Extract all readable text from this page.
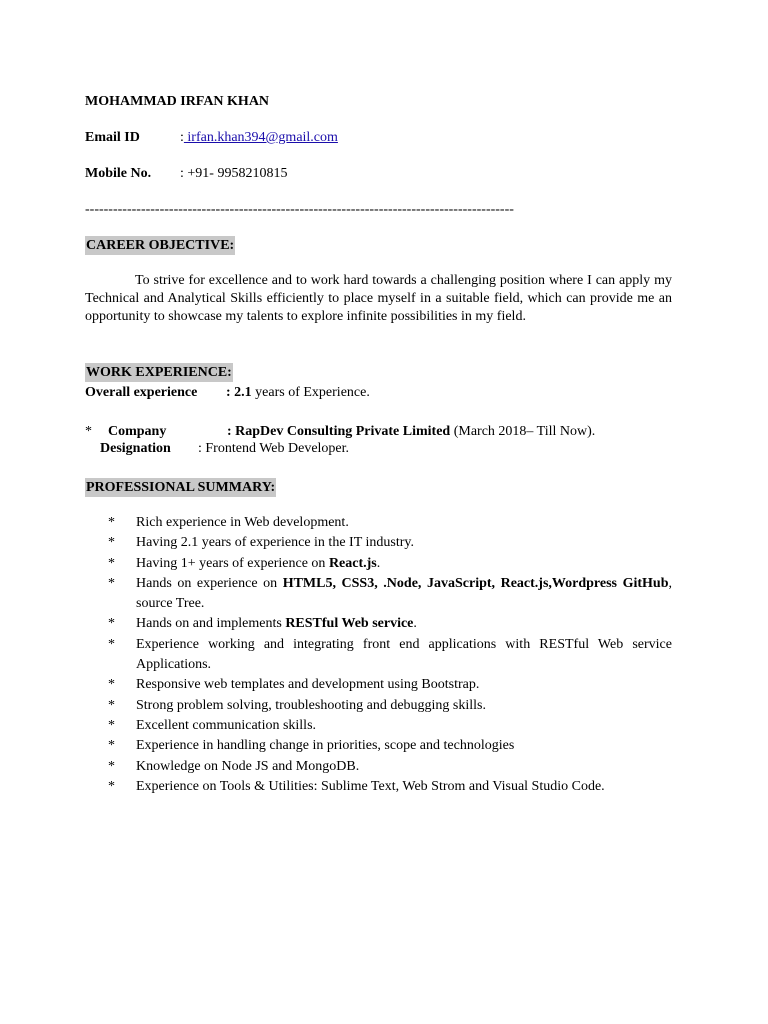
MOHAMMAD IRFAN KHAN
Email ID	: irfan.khan394@gmail.com
Mobile No. : +91- 9958210815
--------------------------------------------------------------------------------------------
CAREER OBJECTIVE:

To strive for excellence and to work hard towards a challenging position where I can apply my Technical and Analytical Skills efficiently to place myself in a suitable field, which can provide me an opportunity to showcase my talents to explore infinite possibilities in my field.

WORK EXPERIENCE:
Overall experience : 2.1 years of Experience.
* Company	: RapDev Consulting Private Limited (March 2018– Till Now).
Designation : Frontend Web Developer.
PROFESSIONAL SUMMARY:
* Rich experience in Web development.
* Having 2.1 years of experience in the IT industry.
* Having 1+ years of experience on React.js.
* Hands on experience on HTML5, CSS3, .Node, JavaScript, React.js,Wordpress GitHub, source Tree.
* Hands on and implements RESTful Web service.
* Experience working and integrating front end applications with RESTful Web service Applications.
* Responsive web templates and development using Bootstrap.
* Strong problem solving, troubleshooting and debugging skills.
* Excellent communication skills.
* Experience in handling change in priorities, scope and technologies
* Knowledge on Node JS and MongoDB.
* Experience on Tools & Utilities: Sublime Text, Web Strom and Visual Studio Code.
